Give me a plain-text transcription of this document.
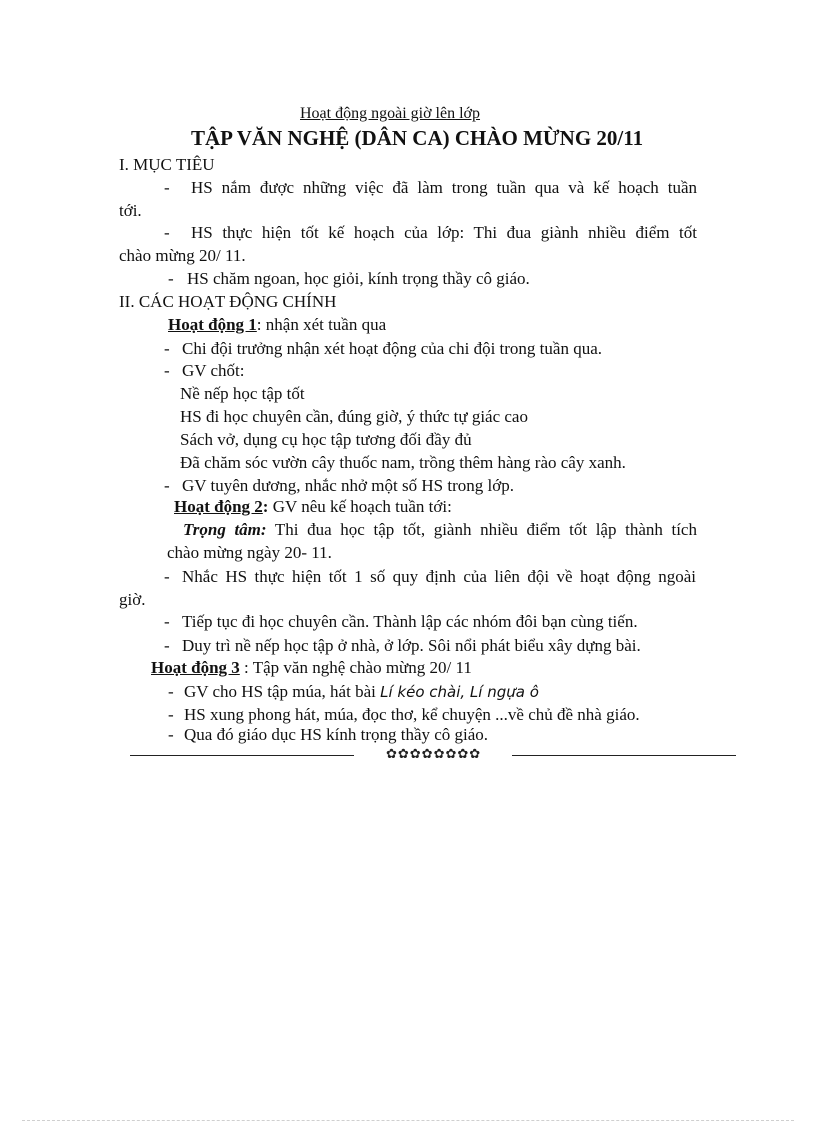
Hoạt động ngoài giờ lên lớp
TẬP VĂN NGHỆ (DÂN CA) CHÀO MỪNG 20/11
I. MỤC TIÊU
- HS nắm được những việc đã làm trong tuần qua và kế hoạch tuần
tới.
- HS thực hiện tốt kế hoạch của lớp: Thi đua giành nhiều điểm tốt
chào mừng 20/ 11.
- HS chăm ngoan, học giỏi, kính trọng thầy cô giáo.
II. CÁC HOẠT ĐỘNG CHÍNH
Hoạt động 1: nhận xét tuần qua
- Chi đội trưởng nhận xét hoạt động của chi đội trong tuần qua.
- GV chốt:
Nề nếp học tập tốt
HS đi học chuyên cần, đúng giờ, ý thức tự giác cao
Sách vở, dụng cụ học tập tương đối đầy đủ
Đã chăm sóc vườn cây thuốc nam, trồng thêm hàng rào cây xanh.
- GV tuyên dương, nhắc nhở một số HS trong lớp.
Hoạt động 2: GV nêu kế hoạch tuần tới:
Trọng tâm: Thi đua học tập tốt, giành nhiều điểm tốt lập thành tích
chào mừng ngày 20- 11.
- Nhắc HS thực hiện tốt 1 số quy định của liên đội về hoạt động ngoài
giờ.
- Tiếp tục đi học chuyên cần. Thành lập các nhóm đôi bạn cùng tiến.
- Duy trì nề nếp học tập ở nhà, ở lớp. Sôi nổi phát biểu xây dựng bài.
Hoạt động 3 : Tập văn nghệ chào mừng 20/ 11
- GV cho HS tập múa, hát bài Lí kéo chài, Lí ngựa ô
- HS xung phong hát, múa, đọc thơ, kể chuyện ...về chủ đề nhà giáo.
- Qua đó giáo dục HS kính trọng thầy cô giáo.
✿✿✿✿✿✿✿✿
